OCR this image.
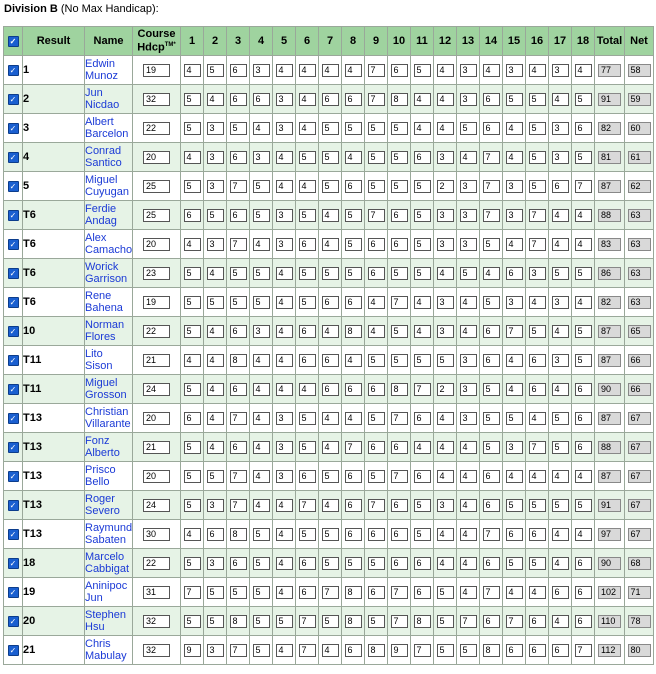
Division B (No Max Handicap):
✓	Result	Name	Course
Hdcp$^{TM*}$	1	2	3	4	5	6	7	8	9	10	11	12	13	14	15	16	17	18	Total	Net
✓	1	Edwin
Munoz	19	4	5	6	3	4	4	4	4	7	6	5	4	3	4	3	4	3	4	77	58
✓	2	Jun
Nicdao	32	5	4	6	6	3	4	6	6	7	8	4	4	3	6	5	5	4	5	91	59
✓	3	Albert
Barcelon	22	5	3	5	4	3	4	5	5	5	5	4	4	5	6	4	5	3	6	82	60
✓	4	Conrad
Santico	20	4	3	6	3	4	5	5	4	5	5	6	3	4	7	4	5	3	5	81	61
✓	5	Miguel
Cuyugan	25	5	3	7	5	4	4	5	6	5	5	5	2	3	7	3	5	6	7	87	62
✓	T6	Ferdie
Andag	25	6	5	6	5	3	5	4	5	7	6	5	3	3	7	3	7	4	4	88	63
✓	T6	Alex
Camacho	20	4	3	7	4	3	6	4	5	6	6	5	3	3	5	4	7	4	4	83	63
✓	T6	Worick
Garrison	23	5	4	5	5	4	5	5	5	6	5	5	4	5	4	6	3	5	5	86	63
✓	T6	Rene
Bahena	19	5	5	5	5	4	5	6	6	4	7	4	3	4	5	3	4	3	4	82	63
✓	10	Norman
Flores	22	5	4	6	3	4	6	4	8	4	5	4	3	4	6	7	5	4	5	87	65
✓	T11	Lito
Sison	21	4	4	8	4	4	6	6	4	5	5	5	5	3	6	4	6	3	5	87	66
✓	T11	Miguel
Grosson	24	5	4	6	4	4	4	6	6	6	8	7	2	3	5	4	6	4	6	90	66
✓	T13	Christian
Villarante	20	6	4	7	4	3	5	4	4	5	7	6	4	3	5	5	4	5	6	87	67
✓	T13	Fonz
Alberto	21	5	4	6	4	3	5	4	7	6	6	4	4	4	5	3	7	5	6	88	67
✓	T13	Prisco
Bello	20	5	5	7	4	3	6	5	6	5	7	6	4	4	6	4	4	4	4	87	67
✓	T13	Roger
Severo	24	5	3	7	4	4	7	4	6	7	6	5	3	4	6	5	5	5	5	91	67
✓	T13	Raymund
Sabaten	30	4	6	8	5	4	5	5	6	6	6	5	4	4	7	6	6	4	4	97	67
✓	18	Marcelo
Cabbigat	22	5	3	6	5	4	6	5	5	5	6	6	4	4	6	5	5	4	6	90	68
✓	19	Aninipoc
Jun	31	7	5	5	5	4	6	7	8	6	7	6	5	4	7	4	4	6	6	102	71
✓	20	Stephen
Hsu	32	5	5	8	5	5	7	5	8	5	7	8	5	7	6	7	6	4	6	110	78
✓	21	Chris
Mabulay	32	9	3	7	5	4	7	4	6	8	9	7	5	5	8	6	6	6	7	112	80
